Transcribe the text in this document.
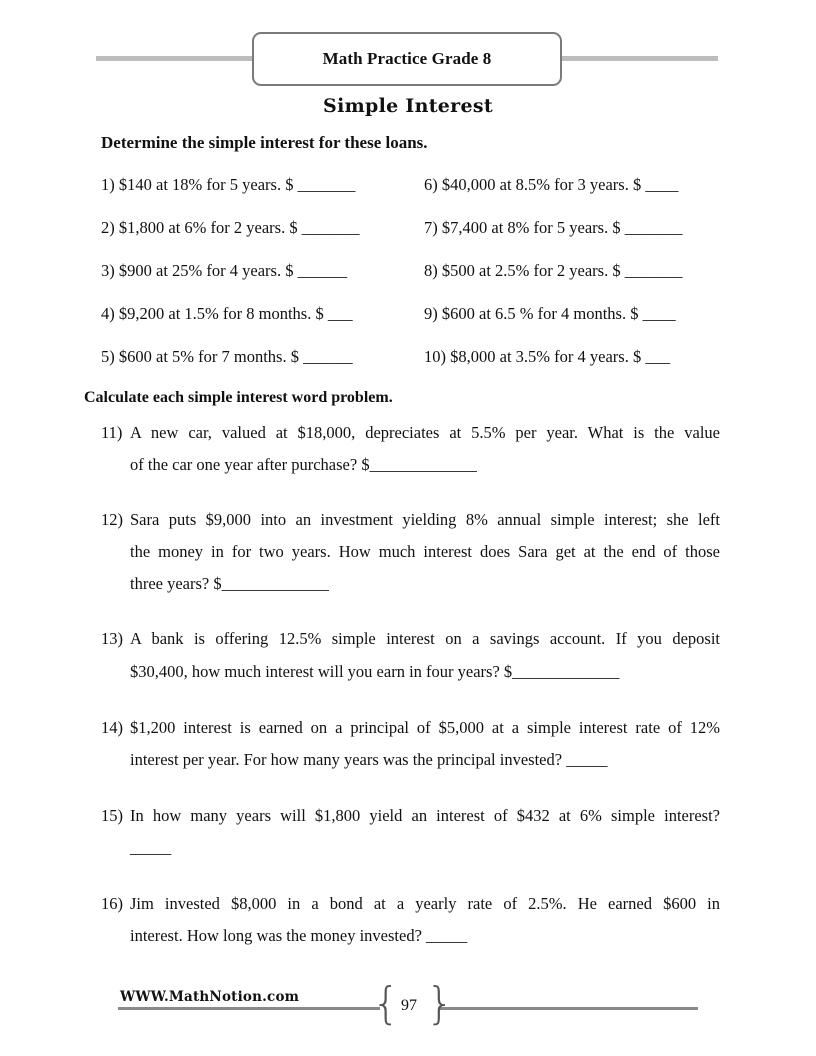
Math Practice Grade 8
Simple Interest
Determine the simple interest for these loans.
1) $140 at 18% for 5 years. $ _______
2) $1,800 at 6% for 2 years. $ _______
3) $900 at 25% for 4 years. $ ______
4) $9,200 at 1.5% for 8 months. $ ___
5) $600 at 5% for 7 months. $ ______
6) $40,000 at 8.5% for 3 years. $ ____
7) $7,400 at 8% for 5 years. $ _______
8) $500 at 2.5% for 2 years. $ _______
9) $600 at 6.5 % for 4 months. $ ____
10) $8,000 at 3.5% for 4 years. $ ___
Calculate each simple interest word problem.
11) A new car, valued at $18,000, depreciates at 5.5% per year. What is the value
of the car one year after purchase? $_____________
12) Sara puts $9,000 into an investment yielding 8% annual simple interest; she left
the money in for two years. How much interest does Sara get at the end of those
three years? $_____________
13) A bank is offering 12.5% simple interest on a savings account. If you deposit
$30,400, how much interest will you earn in four years? $_____________
14) $1,200 interest is earned on a principal of $5,000 at a simple interest rate of 12%
interest per year. For how many years was the principal invested? _____
15) In how many years will $1,800 yield an interest of $432 at 6% simple interest?
_____
16) Jim invested $8,000 in a bond at a yearly rate of 2.5%. He earned $600 in
interest. How long was the money invested? _____
WWW.MathNotion.com { }
97
